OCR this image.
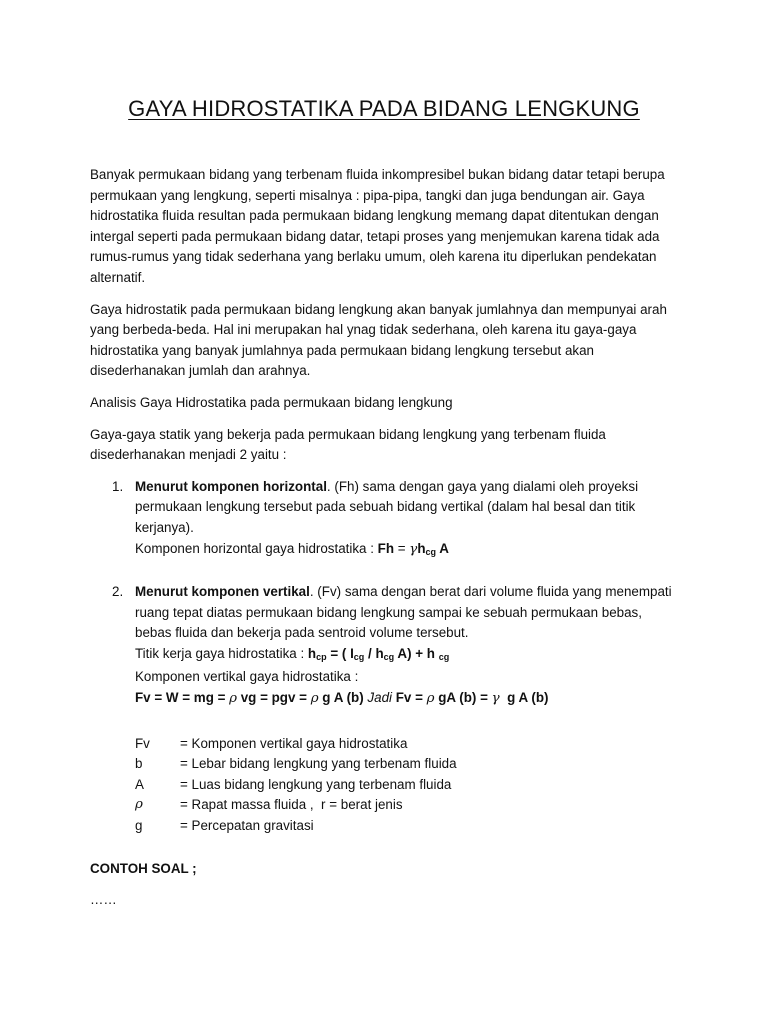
GAYA HIDROSTATIKA PADA BIDANG LENGKUNG

Banyak permukaan bidang yang terbenam fluida inkompresibel bukan bidang datar tetapi berupa permukaan yang lengkung, seperti misalnya : pipa-pipa, tangki dan juga bendungan air. Gaya hidrostatika fluida resultan pada permukaan bidang lengkung memang dapat ditentukan dengan intergal seperti pada permukaan bidang datar, tetapi proses yang menjemukan karena tidak ada rumus-rumus yang tidak sederhana yang berlaku umum, oleh karena itu diperlukan pendekatan alternatif.

Gaya hidrostatik pada permukaan bidang lengkung akan banyak jumlahnya dan mempunyai arah yang berbeda-beda. Hal ini merupakan hal ynag tidak sederhana, oleh karena itu gaya-gaya hidrostatika yang banyak jumlahnya pada permukaan bidang lengkung tersebut akan disederhanakan jumlah dan arahnya.

Analisis Gaya Hidrostatika pada permukaan bidang lengkung

Gaya-gaya statik yang bekerja pada permukaan bidang lengkung yang terbenam fluida disederhanakan menjadi 2 yaitu :

1. Menurut komponen horizontal. (Fh) sama dengan gaya yang dialami oleh proyeksi permukaan lengkung tersebut pada sebuah bidang vertikal (dalam hal besal dan titik kerjanya).

Komponen horizontal gaya hidrostatika : $Fh = \gamma h_{cg}$ A

2. Menurut komponen vertikal. (Fv) sama dengan berat dari volume fluida yang menempati ruang tepat diatas permukaan bidang lengkung sampai ke sebuah permukaan bebas, bebas fluida dan bekerja pada sentroid volume tersebut.

Titik kerja gaya hidrostatika : $h_{cp}$ = ( $I_{cg} / h_{cg}$ A) + h $_{cg}$

Komponen vertikal gaya hidrostatika :

Fv = W = mg = ρ vg = pgv = ρ g A (b) Jadi Fv = ρ gA (b) = γ  g A (b)

Fv	= Komponen vertikal gaya hidrostatika
b	= Lebar bidang lengkung yang terbenam fluida
A	= Luas bidang lengkung yang terbenam fluida
ρ	= Rapat massa fluida ,  r = berat jenis
g	= Percepatan gravitasi

CONTOH SOAL ;

……
